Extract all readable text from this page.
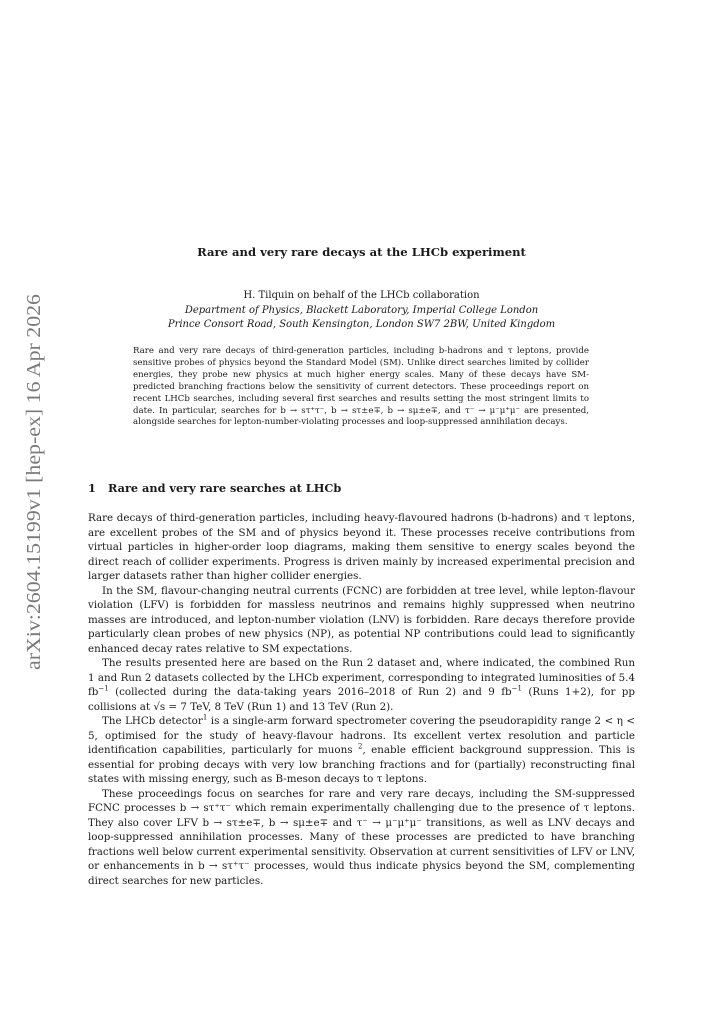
arXiv:2604.15199v1 [hep-ex] 16 Apr 2026
Rare and very rare decays at the LHCb experiment
H. Tilquin on behalf of the LHCb collaboration
Department of Physics, Blackett Laboratory, Imperial College London
Prince Consort Road, South Kensington, London SW7 2BW, United Kingdom
Rare and very rare decays of third-generation particles, including b-hadrons and τ leptons, provide sensitive probes of physics beyond the Standard Model (SM). Unlike direct searches limited by collider energies, they probe new physics at much higher energy scales. Many of these decays have SM-predicted branching fractions below the sensitivity of current detectors. These proceedings report on recent LHCb searches, including several first searches and results setting the most stringent limits to date. In particular, searches for b → sτ⁺τ⁻, b → sτ±e∓, b → sμ±e∓, and τ⁻ → μ⁻μ⁺μ⁻ are presented, alongside searches for lepton-number-violating processes and loop-suppressed annihilation decays.
1 Rare and very rare searches at LHCb

Rare decays of third-generation particles, including heavy-flavoured hadrons (b-hadrons) and τ leptons, are excellent probes of the SM and of physics beyond it. These processes receive contributions from virtual particles in higher-order loop diagrams, making them sensitive to energy scales beyond the direct reach of collider experiments. Progress is driven mainly by increased experimental precision and larger datasets rather than higher collider energies.

In the SM, flavour-changing neutral currents (FCNC) are forbidden at tree level, while lepton-flavour violation (LFV) is forbidden for massless neutrinos and remains highly suppressed when neutrino masses are introduced, and lepton-number violation (LNV) is forbidden. Rare decays therefore provide particularly clean probes of new physics (NP), as potential NP contributions could lead to significantly enhanced decay rates relative to SM expectations.

The results presented here are based on the Run 2 dataset and, where indicated, the combined Run 1 and Run 2 datasets collected by the LHCb experiment, corresponding to integrated luminosities of 5.4 $fb^{-1}$ (collected during the data-taking years 2016–2018 of Run 2) and 9 $fb^{-1}$ (Runs 1+2), for pp collisions at √s = 7 TeV, 8 TeV (Run 1) and 13 TeV (Run 2).

The LHCb detector$^1$ is a single-arm forward spectrometer covering the pseudorapidity range 2 < η < 5, optimised for the study of heavy-flavour hadrons. Its excellent vertex resolution and particle identification capabilities, particularly for muons $^2$, enable efficient background suppression. This is essential for probing decays with very low branching fractions and for (partially) reconstructing final states with missing energy, such as B-meson decays to τ leptons.

These proceedings focus on searches for rare and very rare decays, including the SM-suppressed FCNC processes b → sτ⁺τ⁻ which remain experimentally challenging due to the presence of τ leptons. They also cover LFV b → sτ±e∓, b → sμ±e∓ and τ⁻ → μ⁻μ⁺μ⁻ transitions, as well as LNV decays and loop-suppressed annihilation processes. Many of these processes are predicted to have branching fractions well below current experimental sensitivity. Observation at current sensitivities of LFV or LNV, or enhancements in b → sτ⁺τ⁻ processes, would thus indicate physics beyond the SM, complementing direct searches for new particles.
